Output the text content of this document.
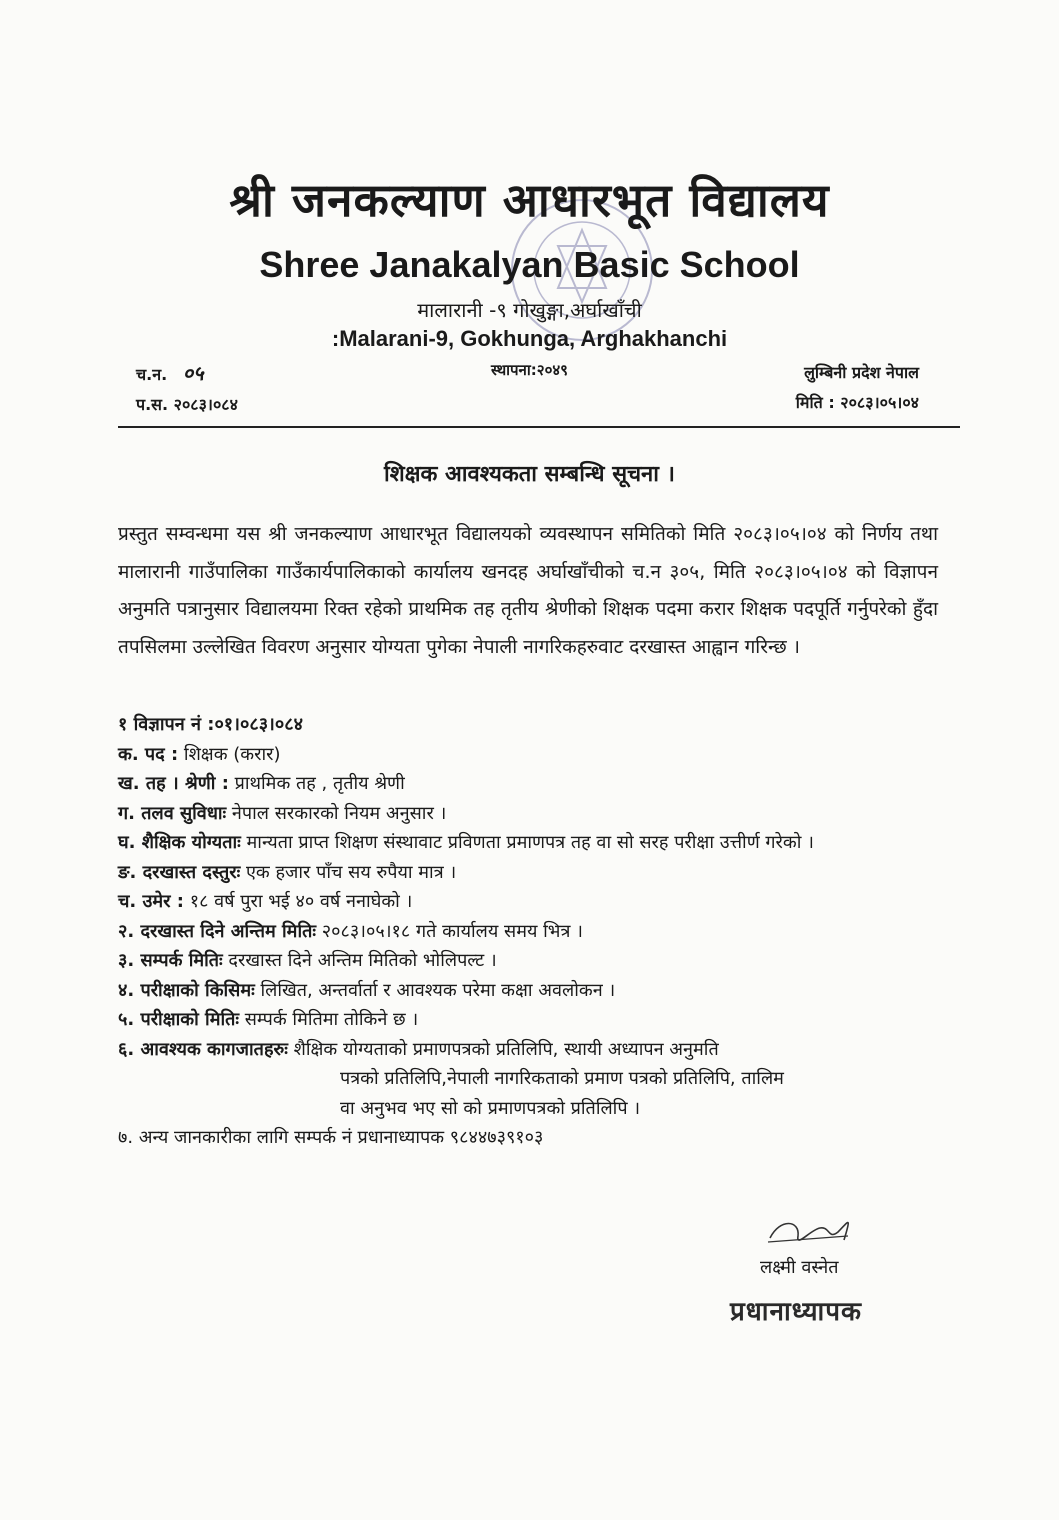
श्री जनकल्याण आधारभूत विद्यालय
Shree Janakalyan Basic School
मालारानी -९ गोखुङ्गा,अर्घाखाँची
:Malarani-9, Gokhunga, Arghakhanchi
स्थापना:२०४९
च.न. ०५
प.स. २०८३।०८४
लुम्बिनी प्रदेश नेपाल
मिति : २०८३।०५।०४
शिक्षक आवश्यकता सम्बन्धि सूचना ।
प्रस्तुत सम्वन्धमा यस श्री जनकल्याण आधारभूत विद्यालयको व्यवस्थापन समितिको मिति २०८३।०५।०४ को निर्णय तथा मालारानी गाउँपालिका गाउँकार्यपालिकाको कार्यालय खनदह अर्घाखाँचीको च.न ३०५, मिति २०८३।०५।०४ को विज्ञापन अनुमति पत्रानुसार विद्यालयमा रिक्त रहेको प्राथमिक तह तृतीय श्रेणीको शिक्षक पदमा करार शिक्षक पदपूर्ति गर्नुपरेको हुँदा तपसिलमा उल्लेखित विवरण अनुसार योग्यता पुगेका नेपाली नागरिकहरुवाट दरखास्त आह्वान गरिन्छ ।

१ विज्ञापन नं :०१।०८३।०८४

क. पद : शिक्षक (करार)

ख. तह । श्रेणी : प्राथमिक तह , तृतीय श्रेणी

ग. तलव सुविधाः नेपाल सरकारको नियम अनुसार ।

घ. शैक्षिक योग्यताः मान्यता प्राप्त शिक्षण संस्थावाट प्रविणता प्रमाणपत्र तह वा सो सरह परीक्षा उत्तीर्ण गरेको ।

ङ. दरखास्त दस्तुरः एक हजार पाँच सय रुपैया मात्र ।

च. उमेर : १८ वर्ष पुरा भई ४० वर्ष ननाघेको ।

२. दरखास्त दिने अन्तिम मितिः २०८३।०५।१८ गते कार्यालय समय भित्र ।

३. सम्पर्क मितिः दरखास्त दिने अन्तिम मितिको भोलिपल्ट ।

४. परीक्षाको किसिमः लिखित, अन्तर्वार्ता र आवश्यक परेमा कक्षा अवलोकन ।

५. परीक्षाको मितिः सम्पर्क मितिमा तोकिने छ ।

६. आवश्यक कागजातहरुः शैक्षिक योग्यताको प्रमाणपत्रको प्रतिलिपि, स्थायी अध्यापन अनुमति

पत्रको प्रतिलिपि,नेपाली नागरिकताको प्रमाण पत्रको प्रतिलिपि, तालिम

वा अनुभव भए सो को प्रमाणपत्रको प्रतिलिपि ।

७. अन्य जानकारीका लागि सम्पर्क नं प्रधानाध्यापक ९८४४७३९१०३

लक्ष्मी वस्नेत
प्रधानाध्यापक
